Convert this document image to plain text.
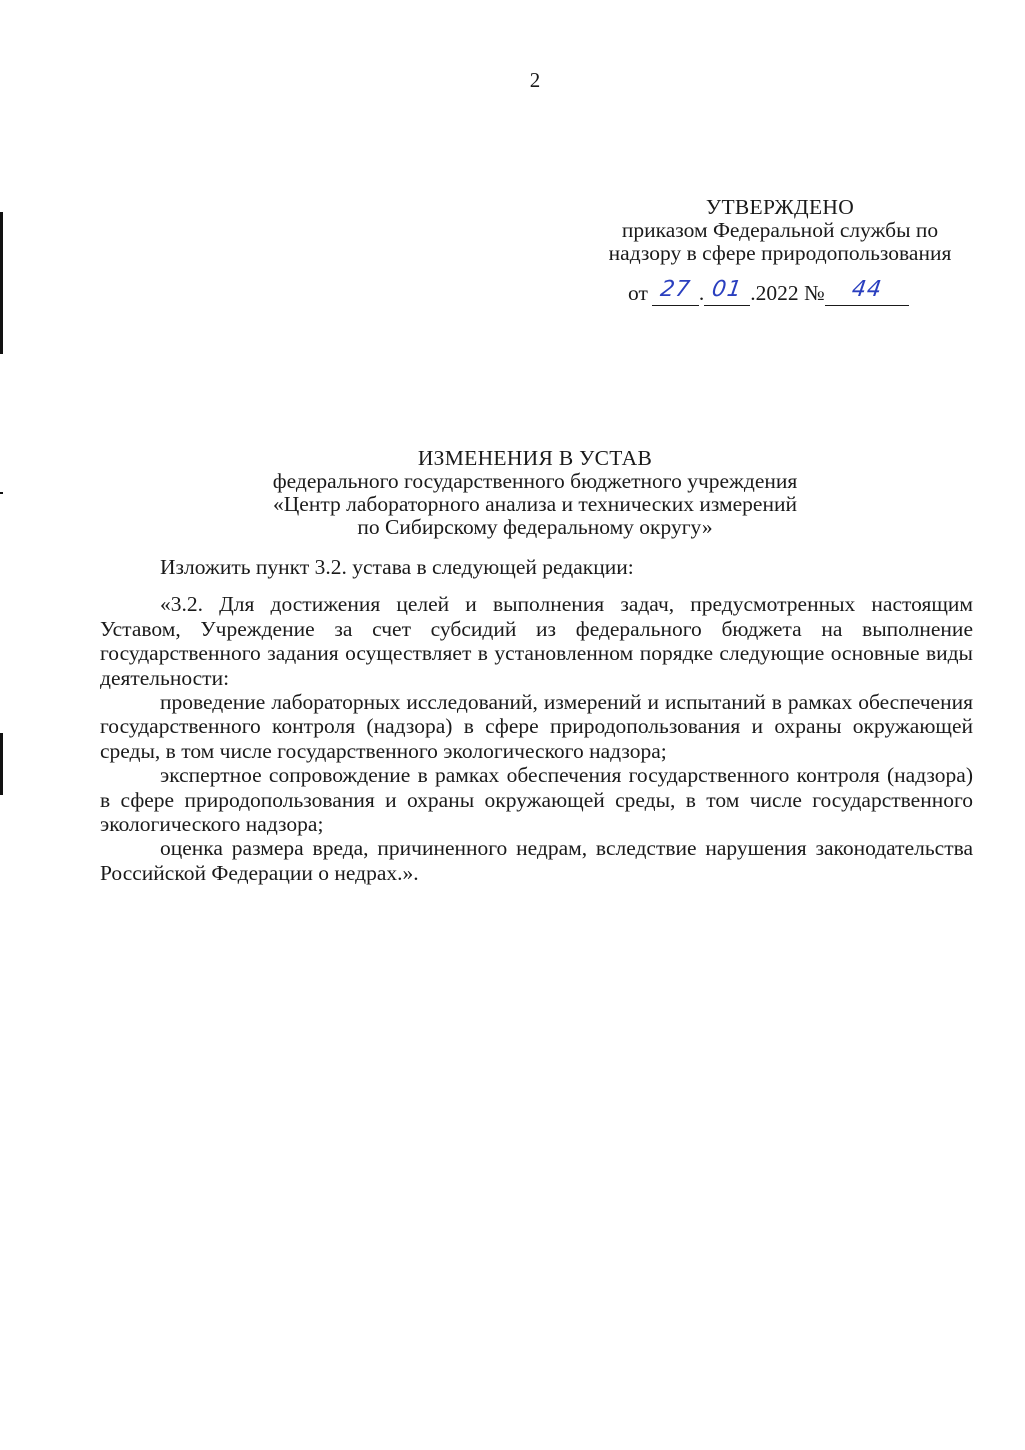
2
УТВЕРЖДЕНО
приказом Федеральной службы по
надзору в сфере природопользования
от 27 . 01 .2022 №	44
ИЗМЕНЕНИЯ В УСТАВ
федерального государственного бюджетного учреждения
«Центр лабораторного анализа и технических измерений
по Сибирскому федеральному округу»

Изложить пункт 3.2. устава в следующей редакции:

«3.2. Для достижения целей и выполнения задач, предусмотренных настоящим Уставом, Учреждение за счет субсидий из федерального бюджета на выполнение государственного задания осуществляет в установленном порядке следующие основные виды деятельности:

проведение лабораторных исследований, измерений и испытаний в рамках обеспечения государственного контроля (надзора) в сфере природопользования и охраны окружающей среды, в том числе государственного экологического надзора;

экспертное сопровождение в рамках обеспечения государственного контроля (надзора) в сфере природопользования и охраны окружающей среды, в том числе государственного экологического надзора;

оценка размера вреда, причиненного недрам, вследствие нарушения законодательства Российской Федерации о недрах.».
